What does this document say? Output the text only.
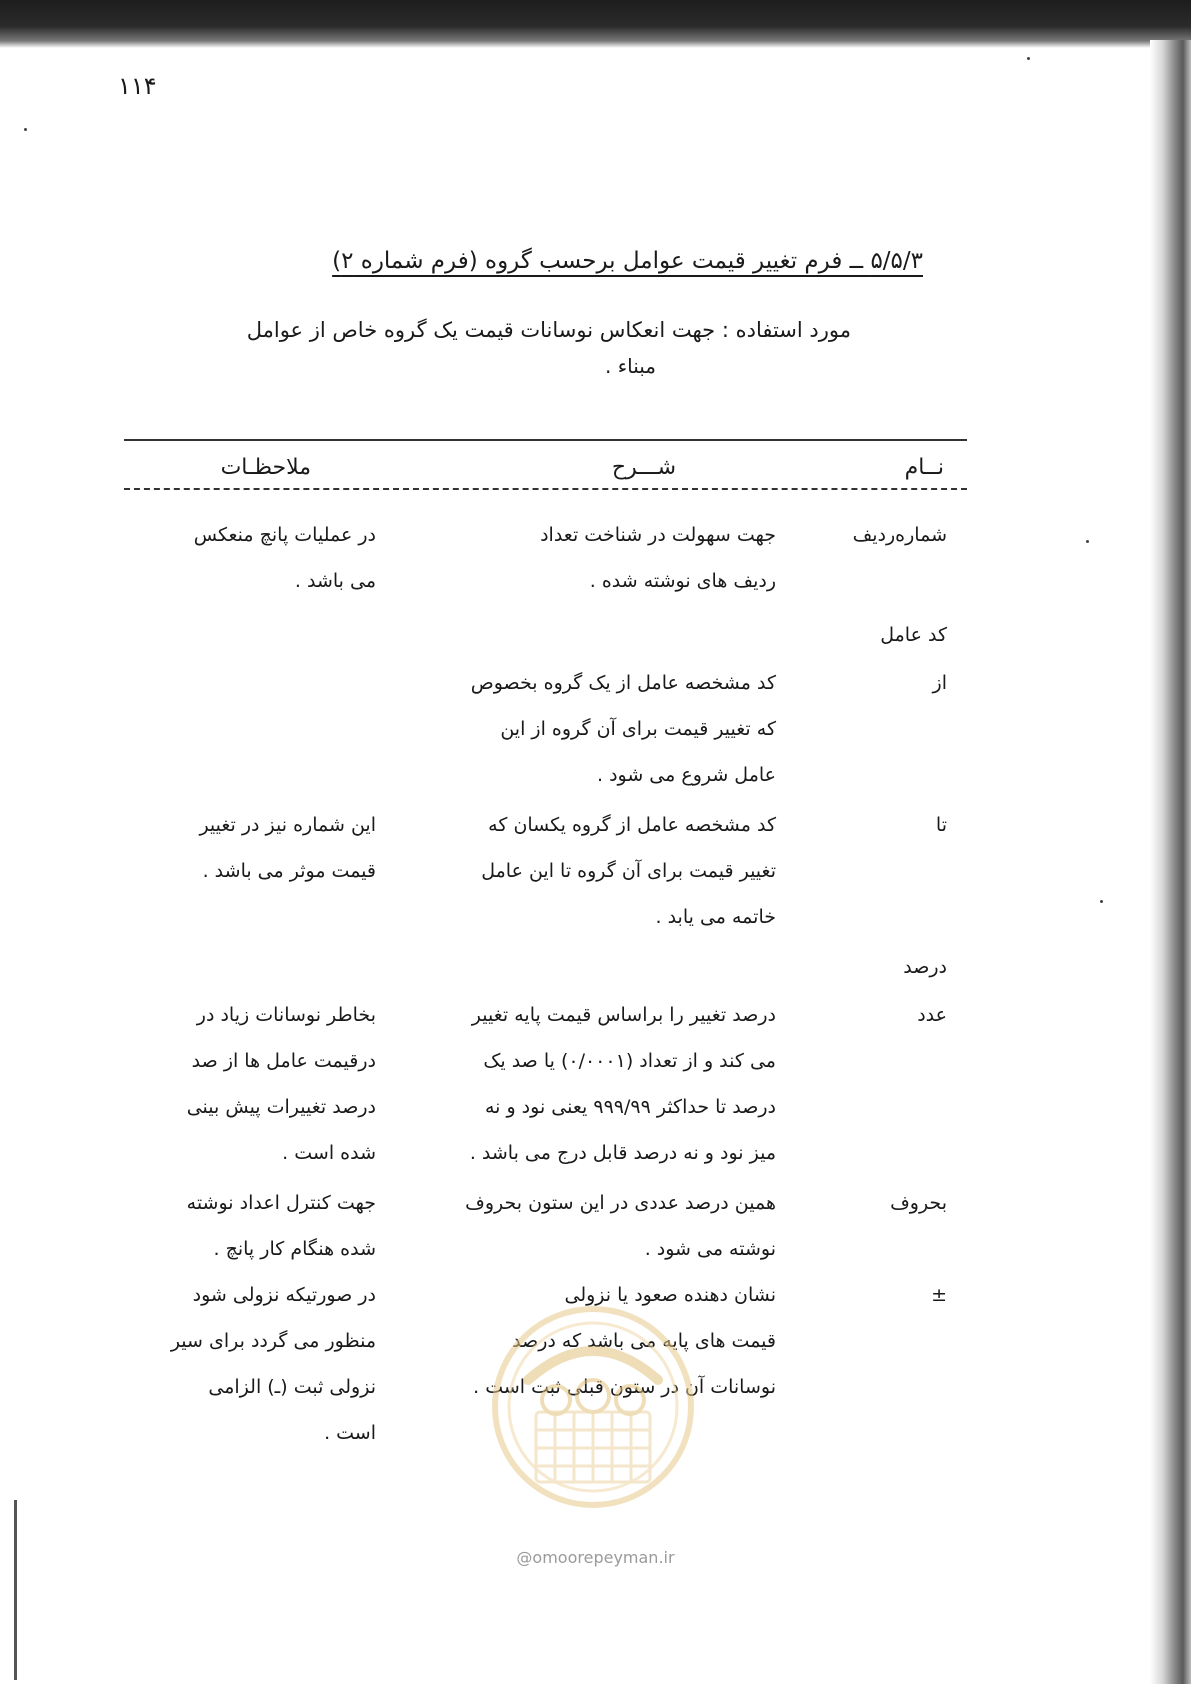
۱۱۴
۵/۵/۳ ــ فرم تغییر قیمت عوامل برحسب گروه (فرم شماره ۲)
مورد استفاده : جهت انعکاس نوسانات قیمت یک گروه خاص از عوامل
مبناء .
نــام
شـــرح
ملاحظـات
شماره‌ردیف
جهت سهولت در شناخت تعداد
ردیف های نوشته شده .
در عملیات پانچ منعکس
می باشد .
کد عامل
از
کد مشخصه عامل از یک گروه بخصوص
که تغییر قیمت برای آن گروه از این
عامل شروع می شود .
تا
کد مشخصه عامل از گروه یکسان که
تغییر قیمت برای آن گروه تا این عامل
خاتمه می یابد .
این شماره نیز در تغییر
قیمت موثر می باشد .
درصد
عدد
درصد تغییر را براساس قیمت پایه تغییر
می کند و از تعداد (۰/۰۰۰۱) یا صد یک
درصد تا حداکثر ۹۹۹/۹۹ یعنی نود و نه
میز نود و نه درصد قابل درج می باشد .
بخاطر نوسانات زیاد در
درقیمت عامل ها از صد
درصد تغییرات پیش بینی
شده است .
بحروف
همین درصد عددی در این ستون بحروف
نوشته می شود .
جهت کنترل اعداد نوشته
شده هنگام کار پانچ .
±
نشان دهنده صعود یا نزولی
قیمت های پایه می باشد که درصد
نوسانات آن در ستون قبلی ثبت است .
در صورتیکه نزولی شود
منظور می گردد برای سیر
نزولی ثبت (ـ) الزامی
است .
@omoorepeyman.ir
